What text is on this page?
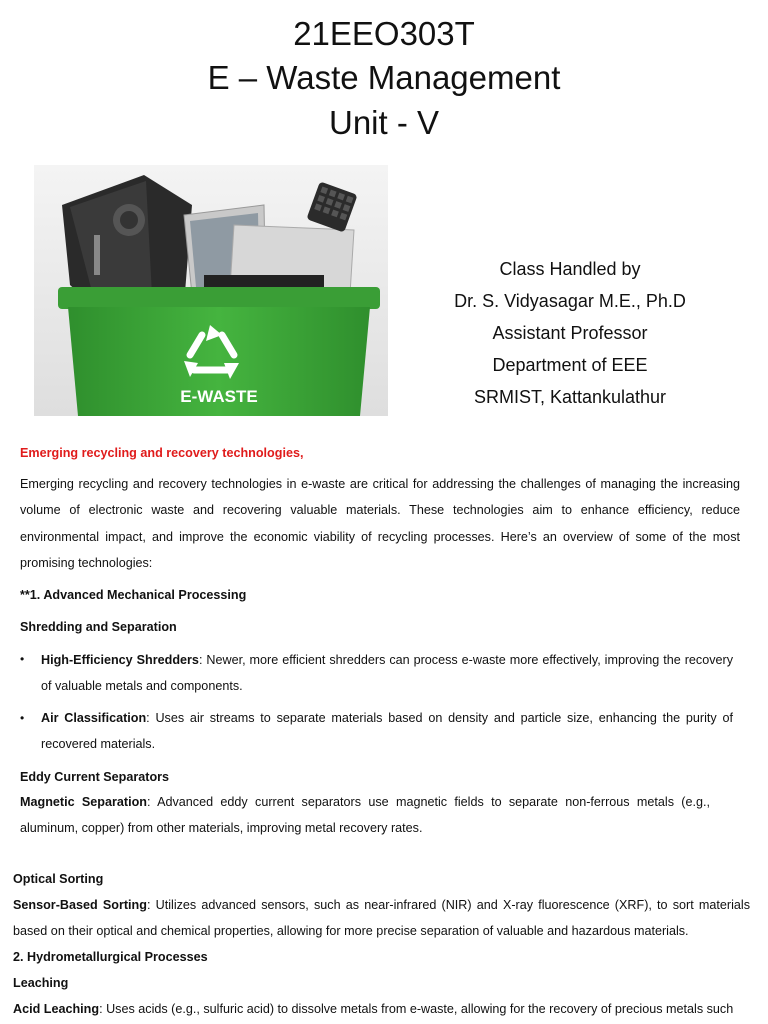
21EEO303T
E – Waste Management
Unit - V
E-WASTE
Class Handled by
Dr. S. Vidyasagar M.E., Ph.D
Assistant Professor
Department of EEE
SRMIST, Kattankulathur
Emerging recycling and recovery technologies,
Emerging recycling and recovery technologies in e-waste are critical for addressing the challenges of managing the increasing volume of electronic waste and recovering valuable materials. These technologies aim to enhance efficiency, reduce environmental impact, and improve the economic viability of recycling processes. Here’s an overview of some of the most promising technologies:
**1. Advanced Mechanical Processing
Shredding and Separation
• High-Efficiency Shredders: Newer, more efficient shredders can process e-waste more effectively, improving the recovery of valuable metals and components.
• Air Classification: Uses air streams to separate materials based on density and particle size, enhancing the purity of recovered materials.
Eddy Current Separators
Magnetic Separation: Advanced eddy current separators use magnetic fields to separate non-ferrous metals (e.g., aluminum, copper) from other materials, improving metal recovery rates.
Optical Sorting
Sensor-Based Sorting: Utilizes advanced sensors, such as near-infrared (NIR) and X-ray fluorescence (XRF), to sort materials based on their optical and chemical properties, allowing for more precise separation of valuable and hazardous materials.
2. Hydrometallurgical Processes
Leaching
Acid Leaching: Uses acids (e.g., sulfuric acid) to dissolve metals from e-waste, allowing for the recovery of precious metals such
